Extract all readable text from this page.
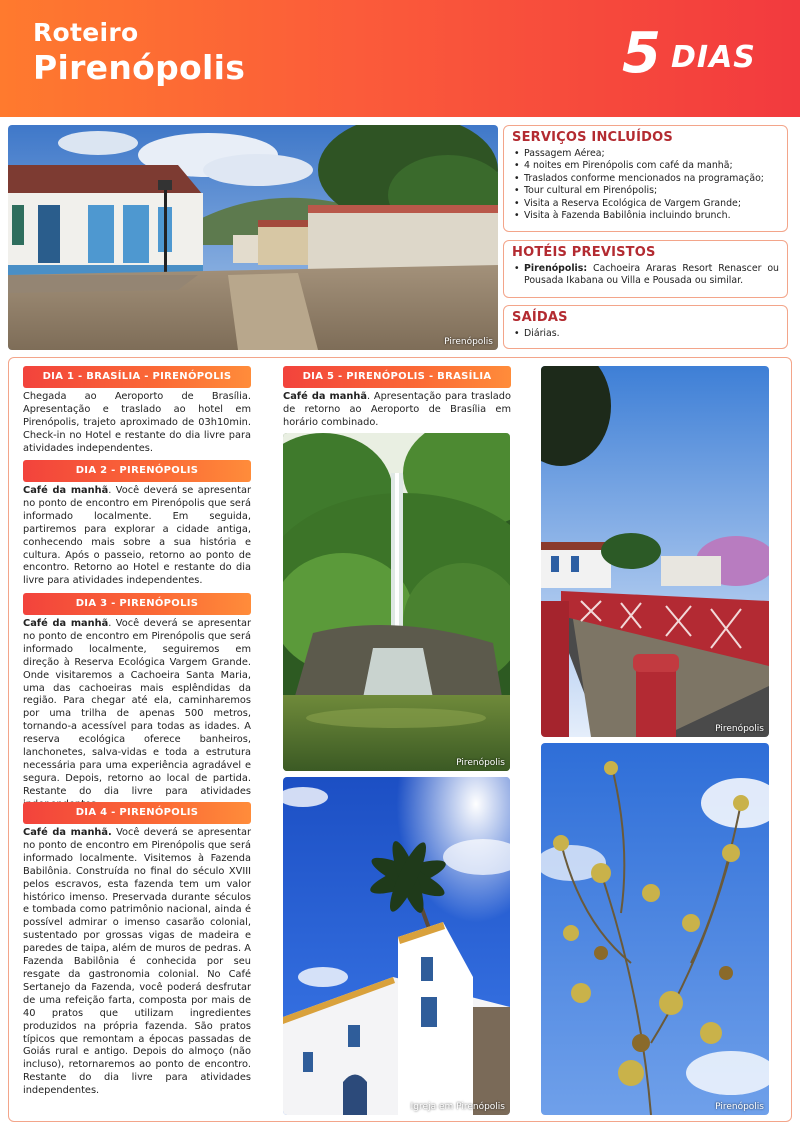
Roteiro
Pirenópolis	5 DIAS
Pirenópolis
SERVIÇOS INCLUÍDOS
• Passagem Aérea;
• 4 noites em Pirenópolis com café da manhã;
• Traslados conforme mencionados na programação;
• Tour cultural em Pirenópolis;
• Visita a Reserva Ecológica de Vargem Grande;
• Visita à Fazenda Babilônia incluindo brunch.
HOTÉIS PREVISTOS
• Pirenópolis: Cachoeira Araras Resort Renascer ou Pousada Ikabana ou Villa e Pousada ou similar.
SAÍDAS
• Diárias.
DIA 1 - BRASÍLIA - PIRENÓPOLIS
Chegada ao Aeroporto de Brasília. Apresentação e traslado ao hotel em Pirenópolis, trajeto aproximado de 03h10min. Check-in no Hotel e restante do dia livre para atividades independentes.
DIA 2 - PIRENÓPOLIS
Café da manhã. Você deverá se apresentar no ponto de encontro em Pirenópolis que será informado localmente. Em seguida, partiremos para explorar a cidade antiga, conhecendo mais sobre a sua história e cultura. Após o passeio, retorno ao ponto de encontro. Retorno ao Hotel e restante do dia livre para atividades independentes.
DIA 3 - PIRENÓPOLIS
Café da manhã. Você deverá se apresentar no ponto de encontro em Pirenópolis que será informado localmente, seguiremos em direção à Reserva Ecológica Vargem Grande. Onde visitaremos a Cachoeira Santa Maria, uma das cachoeiras mais esplêndidas da região. Para chegar até ela, caminharemos por uma trilha de apenas 500 metros, tornando-a acessível para todas as idades. A reserva ecológica oferece banheiros, lanchonetes, salva-vidas e toda a estrutura necessária para uma experiência agradável e segura. Depois, retorno ao local de partida. Restante do dia livre para atividades
DIA 4 - PIRENÓPOLIS
Café da manhã. Você deverá se apresentar no ponto de encontro em Pirenópolis que será informado localmente. Visitemos à Fazenda Babilônia. Construída no final do século XVIII pelos escravos, esta fazenda tem um valor histórico imenso. Preservada durante séculos e tombada como patrimônio nacional, ainda é possível admirar o imenso casarão colonial, sustentado por grossas vigas de madeira e paredes de taipa, além de muros de pedras. A Fazenda Babilônia é conhecida por seu resgate da gastronomia colonial. No Café Sertanejo da Fazenda, você poderá desfrutar de uma refeição farta, composta por mais de 40 pratos que utilizam ingredientes produzidos na própria fazenda. São pratos típicos que remontam a épocas passadas de Goiás rural e antigo. Depois do almoço (não incluso), retornaremos ao ponto de encontro. Restante do dia livre para atividades independentes.
DIA 5 - PIRENÓPOLIS - BRASÍLIA
Café da manhã. Apresentação para traslado de retorno ao Aeroporto de Brasília em horário combinado.
Pirenópolis
Igreja em Pirenópolis
Pirenópolis
Pirenópolis
